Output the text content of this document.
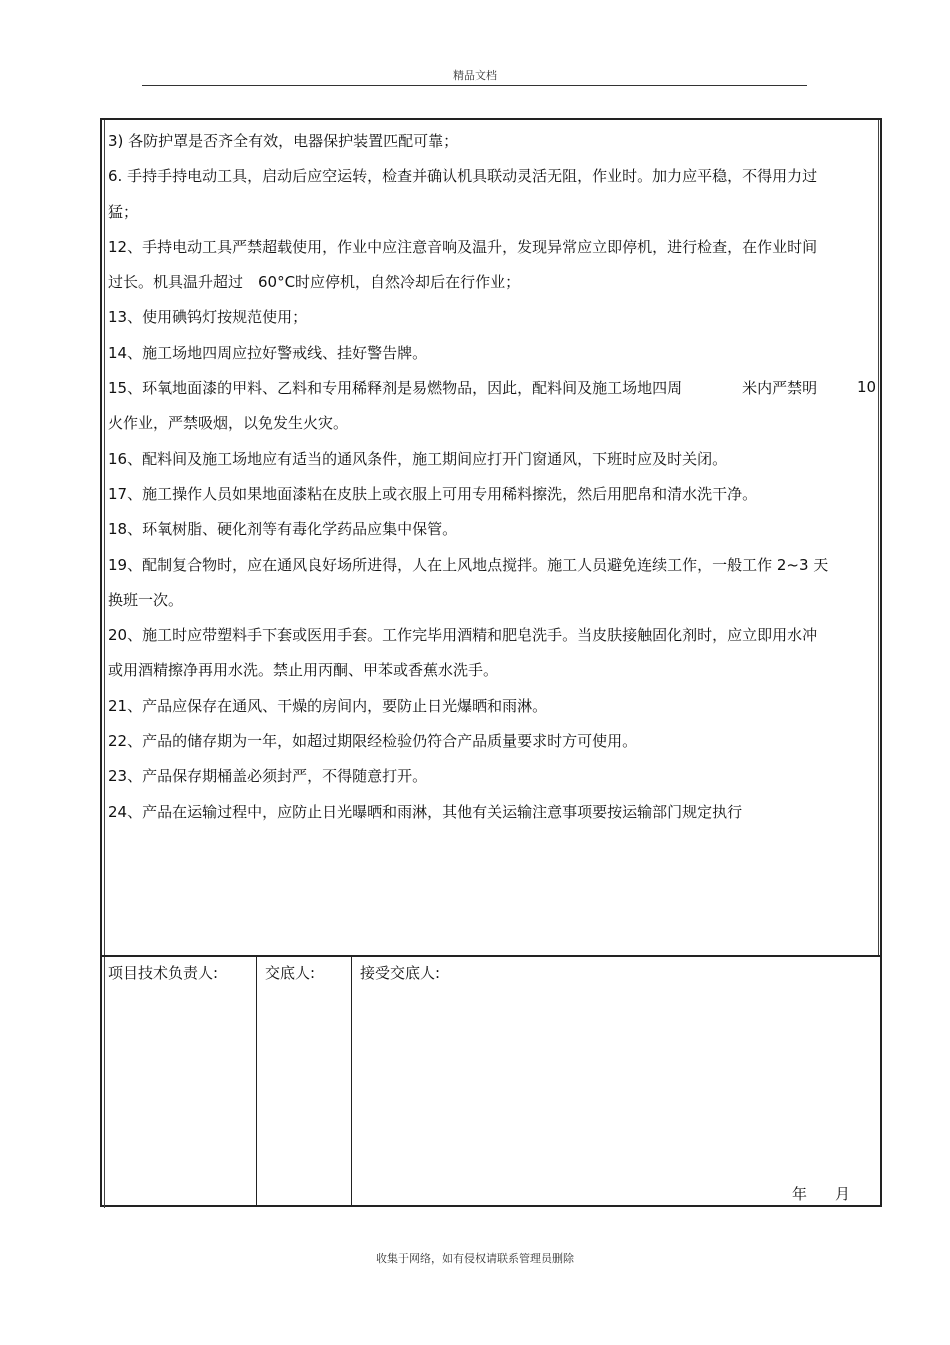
精品文档

3) 各防护罩是否齐全有效，电器保护装置匹配可靠；

6. 手持手持电动工具，启动后应空运转，检查并确认机具联动灵活无阻，作业时。加力应平稳，不得用力过猛；

12、手持电动工具严禁超载使用，作业中应注意音响及温升，发现异常应立即停机，进行检查，在作业时间过长。机具温升超过　60°C时应停机，自然冷却后在行作业；

13、使用碘钨灯按规范使用；

14、施工场地四周应拉好警戒线、挂好警告牌。

15、环氧地面漆的甲料、乙料和专用稀释剂是易燃物品，因此，配料间及施工场地四周　　　　米内严禁明火作业，严禁吸烟，以免发生火灾。

16、配料间及施工场地应有适当的通风条件，施工期间应打开门窗通风，下班时应及时关闭。

17、施工操作人员如果地面漆粘在皮肤上或衣服上可用专用稀料擦洗，然后用肥帛和清水洗干净。

18、环氧树脂、硬化剂等有毒化学药品应集中保管。

19、配制复合物时，应在通风良好场所进得，人在上风地点搅拌。施工人员避免连续工作，一般工作 2~3 天换班一次。

20、施工时应带塑料手下套或医用手套。工作完毕用酒精和肥皂洗手。当皮肤接触固化剂时，应立即用水冲或用酒精擦净再用水洗。禁止用丙酮、甲苯或香蕉水洗手。

21、产品应保存在通风、干燥的房间内，要防止日光爆晒和雨淋。

22、产品的储存期为一年，如超过期限经检验仍符合产品质量要求时方可使用。

23、产品保存期桶盖必须封严，不得随意打开。

24、产品在运输过程中，应防止日光曝晒和雨淋，其他有关运输注意事项要按运输部门规定执行

10
项目技术负责人:	交底人:	接受交底人:
年 月
收集于网络，如有侵权请联系管理员删除
